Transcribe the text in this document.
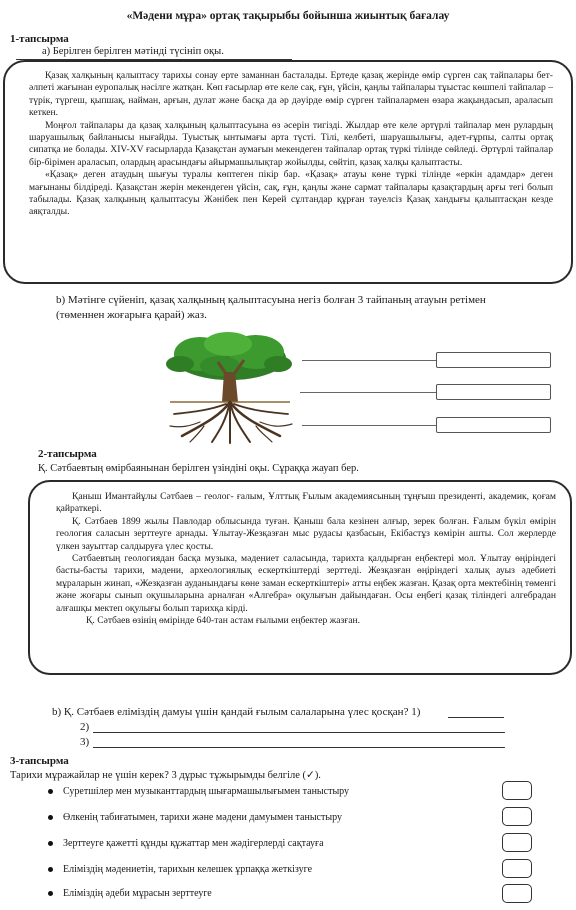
«Мәдени мұра» ортақ тақырыбы бойынша жиынтық бағалау
1-тапсырма
а) Берілген берілген мәтінді түсініп оқы.

Қазақ халқының қалыптасу тарихы сонау ерте заманнан басталады. Ертеде қазақ жерінде өмір сүрген сақ тайпалары бет-әлпеті жағынан еуропалық нәсілге жатқан. Көп ғасырлар өте келе сақ, ғұн, үйсін, қаңлы тайпалары тұыстас көшпелі тайпалар – түрік, түргеш, қыпшақ, найман, арғын, дулат және басқа да әр дәуірде өмір сүрген тайпалармен өзара жақындасып, араласып кеткен.

Моңғол тайпалары да қазақ халқының қалыптасуына өз әсерін тигізді. Жылдар өте келе әртүрлі тайпалар мен рулардың шаруашылық байланысы нығайды. Туыстық ынтымағы арта түсті. Тілі, келбеті, шаруашылығы, әдет-ғұрпы, салты ортақ сипатқа ие болады. XIV-XV ғасырларда Қазақстан аумағын мекендеген тайпалар ортақ түркі тілінде сөйледі. Әртүрлі тайпалар бір-бірімен араласып, олардың арасындағы айырмашылықтар жойылды, сөйтіп, қазақ халқы қалыптасты.

«Қазақ» деген атаудың шығуы туралы көптеген пікір бар. «Қазақ» атауы көне түркі тілінде «еркін адамдар» деген мағынаны білдіреді. Қазақстан жерін мекендеген үйсін, сақ, ғұн, қаңлы және сармат тайпалары қазақтардың арғы тегі болып табылады. Қазақ халқының қалыптасуы Жәнібек пен Керей сұлтандар құрған тәуелсіз Қазақ хандығы қалыптасқан кезде аяқталды.

b) Мәтінге сүйеніп, қазақ халқының қалыптасуына негіз болған 3 тайпаның атауын ретімен (төменнен жоғарыға қарай) жаз.
2-тапсырма
Қ. Сәтбаевтың өмірбаянынан берілген үзіндіні оқы. Сұраққа жауап бер.

Қаныш Имантайұлы Сәтбаев – геолог- ғалым, Ұлттық Ғылым академиясының тұңғыш президенті, академик, қоғам қайраткері.

Қ. Сәтбаев 1899 жылы Павлодар облысында туған. Қаныш бала кезінен алғыр, зерек болған. Ғалым бүкіл өмірін геология саласын зерттеуге арнады. Ұлытау-Жезқазған мыс рудасы қазбасын, Екібастұз көмірін ашты. Сол жерлерде үлкен зауыттар салдыруға үлес қосты.

Сәтбаевтың геологиядан басқа музыка, мәдениет саласында, тарихта қалдырған еңбектері мол. Ұлытау өңіріндегі басты-басты тарихи, мәдени, археологиялық ескерткіштерді зерттеді. Жезқазған өңіріндегі халық ауыз әдебиеті мұраларын жинап, «Жезқазған ауданындағы көне заман ескерткіштері» атты еңбек жазған. Қазақ орта мектебінің төменгі және жоғары сынып оқушыларына арналған «Алгебра» оқулығын дайындаған. Осы еңбегі қазақ тіліндегі алгебрадан алғашқы мектеп оқулығы болып тарихқа кірді.

Қ. Сәтбаев өзінің өмірінде 640-тан астам ғылыми еңбектер жазған.

b) Қ. Сәтбаев еліміздің дамуы үшін қандай ғылым салаларына үлес қосқан? 1)
2)
3)
3-тапсырма
Тарихи мұражайлар не үшін керек? 3 дұрыс тұжырымды белгіле (✓).
Суретшілер мен музыканттардың шығармашылығымен таныстыру
Өлкенің табиғатымен, тарихи және мәдени дамуымен таныстыру
Зерттеуге қажетті құнды құжаттар мен жәдігерлерді сақтауға
Еліміздің мәдениетін, тарихын келешек ұрпаққа жеткізуге
Еліміздің әдеби мұрасын зерттеуге
